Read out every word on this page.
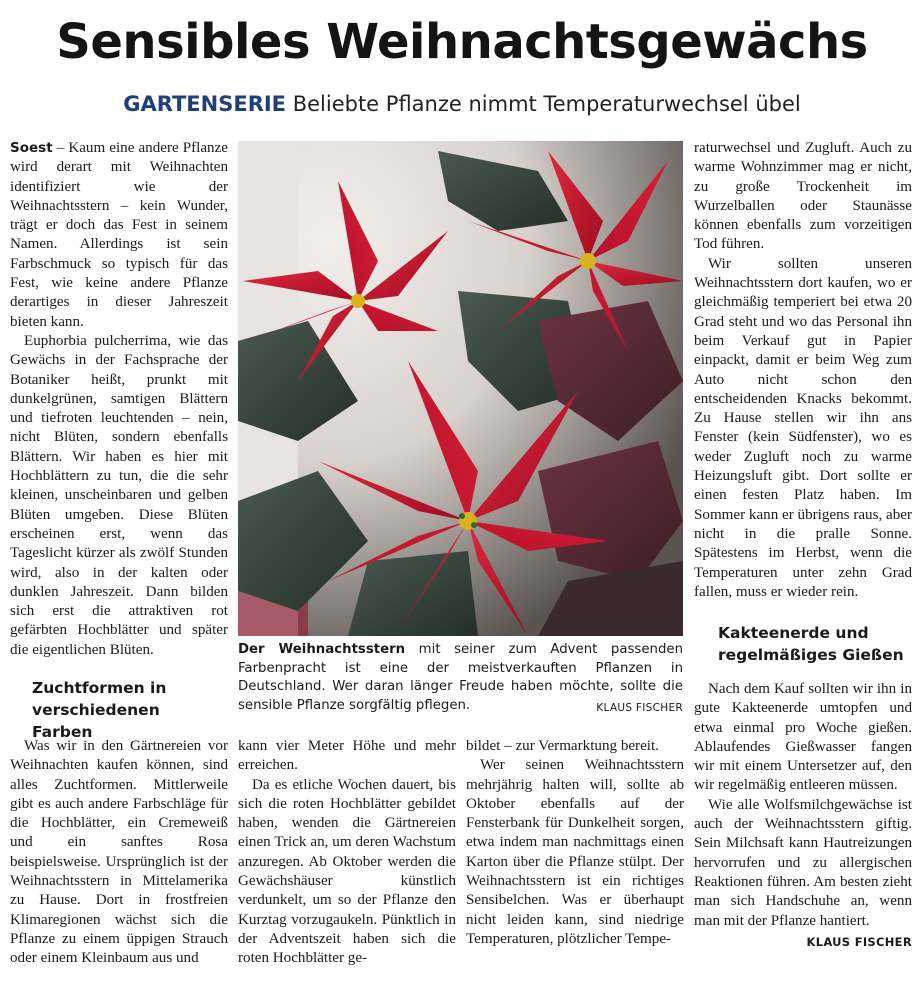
Sensibles Weihnachtsgewächs
GARTENSERIE Beliebte Pflanze nimmt Temperaturwechsel übel

Soest – Kaum eine andere Pflanze wird derart mit Weihnachten identifiziert wie der Weihnachtsstern – kein Wunder, trägt er doch das Fest in seinem Namen. Allerdings ist sein Farbschmuck so typisch für das Fest, wie keine andere Pflanze derartiges in dieser Jahreszeit bieten kann.

Euphorbia pulcherrima, wie das Gewächs in der Fachsprache der Botaniker heißt, prunkt mit dunkelgrünen, samtigen Blättern und tiefroten leuchtenden – nein, nicht Blüten, sondern ebenfalls Blättern. Wir haben es hier mit Hochblättern zu tun, die die sehr kleinen, unscheinbaren und gelben Blüten umgeben. Diese Blüten erscheinen erst, wenn das Tageslicht kürzer als zwölf Stunden wird, also in der kalten oder dunklen Jahreszeit. Dann bilden sich erst die attraktiven rot gefärbten Hochblätter und später die eigentlichen Blüten.

Zuchtformen in verschiedenen Farben

Was wir in den Gärtnereien vor Weihnachten kaufen können, sind alles Zuchtformen. Mittlerweile gibt es auch andere Farbschläge für die Hochblätter, ein Cremeweiß und ein sanftes Rosa beispielsweise. Ursprünglich ist der Weihnachtsstern in Mittelamerika zu Hause. Dort in frostfreien Klimaregionen wächst sich die Pflanze zu einem üppigen Strauch oder einem Kleinbaum aus und

Der Weihnachtsstern mit seiner zum Advent passenden Farbenpracht ist eine der meistverkauften Pflanzen in Deutschland. Wer daran länger Freude haben möchte, sollte die sensible Pflanze sorgfältig pflegen.	KLAUS FISCHER

kann vier Meter Höhe und mehr erreichen.

Da es etliche Wochen dauert, bis sich die roten Hochblätter gebildet haben, wenden die Gärtnereien einen Trick an, um deren Wachstum anzuregen. Ab Oktober werden die Gewächshäuser künstlich verdunkelt, um so der Pflanze den Kurztag vorzugaukeln. Pünktlich in der Adventszeit haben sich die roten Hochblätter ge-

bildet – zur Vermarktung bereit.

Wer seinen Weihnachtsstern mehrjährig halten will, sollte ab Oktober ebenfalls auf der Fensterbank für Dunkelheit sorgen, etwa indem man nachmittags einen Karton über die Pflanze stülpt. Der Weihnachtsstern ist ein richtiges Sensibelchen. Was er überhaupt nicht leiden kann, sind niedrige Temperaturen, plötzlicher Tempe-

raturwechsel und Zugluft. Auch zu warme Wohnzimmer mag er nicht, zu große Trockenheit im Wurzelballen oder Staunässe können ebenfalls zum vorzeitigen Tod führen.

Wir sollten unseren Weihnachtsstern dort kaufen, wo er gleichmäßig temperiert bei etwa 20 Grad steht und wo das Personal ihn beim Verkauf gut in Papier einpackt, damit er beim Weg zum Auto nicht schon den entscheidenden Knacks bekommt. Zu Hause stellen wir ihn ans Fenster (kein Südfenster), wo es weder Zugluft noch zu warme Heizungsluft gibt. Dort sollte er einen festen Platz haben. Im Sommer kann er übrigens raus, aber nicht in die pralle Sonne. Spätestens im Herbst, wenn die Temperaturen unter zehn Grad fallen, muss er wieder rein.

Kakteenerde und regelmäßiges Gießen

Nach dem Kauf sollten wir ihn in gute Kakteenerde umtopfen und etwa einmal pro Woche gießen. Ablaufendes Gießwasser fangen wir mit einem Untersetzer auf, den wir regelmäßig entleeren müssen.

Wie alle Wolfsmilchgewächse ist auch der Weihnachtsstern giftig. Sein Milchsaft kann Hautreizungen hervorrufen und zu allergischen Reaktionen führen. Am besten zieht man sich Handschuhe an, wenn man mit der Pflanze hantiert.
KLAUS FISCHER
